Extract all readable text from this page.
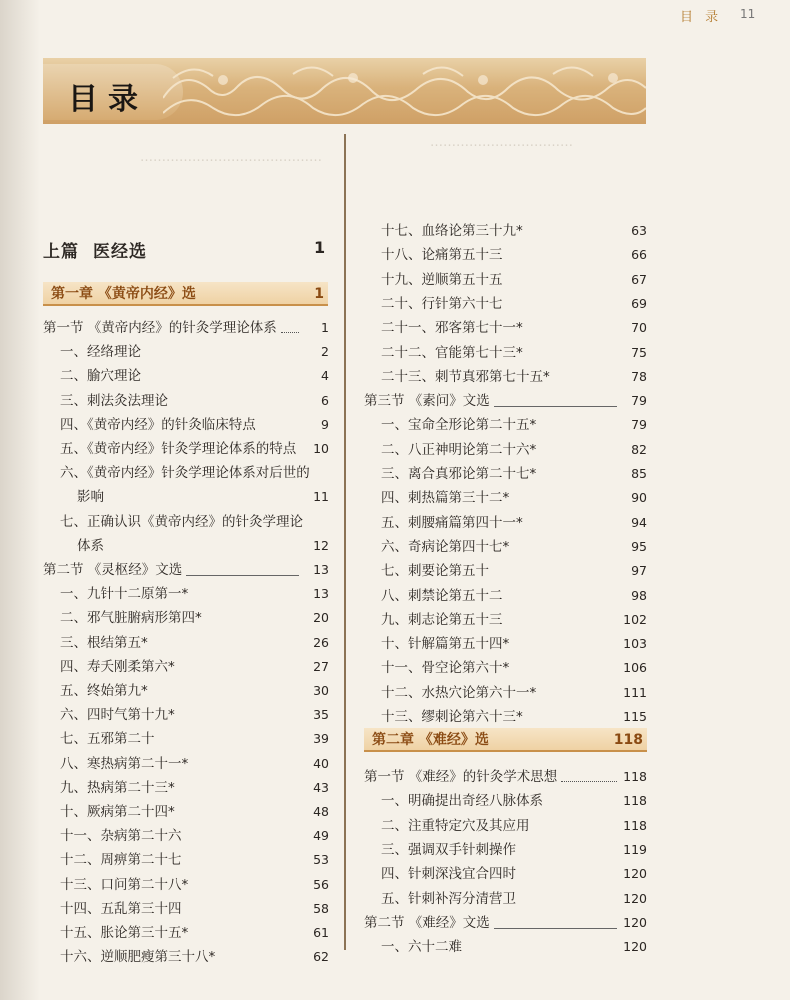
……………………………………
……………………………
目 录 11
目录
上篇 医经选	1
第一章 《黄帝内经》选	1
第一节 《黄帝内经》的针灸学理论体系	1
一、经络理论	2
二、腧穴理论	4
三、刺法灸法理论	6
四、《黄帝内经》的针灸临床特点	9
五、《黄帝内经》针灸学理论体系的特点 10
六、《黄帝内经》针灸学理论体系对后世的
影响	11
七、正确认识《黄帝内经》的针灸学理论
体系	12
第二节 《灵枢经》文选	13
一、九针十二原第一*	13
二、邪气脏腑病形第四*	20
三、根结第五*	26
四、寿夭刚柔第六*	27
五、终始第九*	30
六、四时气第十九*	35
七、五邪第二十	39
八、寒热病第二十一*	40
九、热病第二十三*	43
十、厥病第二十四*	48
十一、杂病第二十六	49
十二、周痹第二十七	53
十三、口问第二十八*	56
十四、五乱第三十四	58
十五、胀论第三十五*	61
十六、逆顺肥瘦第三十八*	62
十七、血络论第三十九*	63
十八、论痛第五十三	66
十九、逆顺第五十五	67
二十、行针第六十七	69
二十一、邪客第七十一*	70
二十二、官能第七十三*	75
二十三、刺节真邪第七十五*	78
第三节 《素问》文选	79
一、宝命全形论第二十五*	79
二、八正神明论第二十六*	82
三、离合真邪论第二十七*	85
四、刺热篇第三十二*	90
五、刺腰痛篇第四十一*	94
六、奇病论第四十七*	95
七、刺要论第五十	97
八、刺禁论第五十二	98
九、刺志论第五十三	102
十、针解篇第五十四*	103
十一、骨空论第六十*	106
十二、水热穴论第六十一*	111
十三、缪刺论第六十三*	115
第二章 《难经》选	118
第一节 《难经》的针灸学术思想	118
一、明确提出奇经八脉体系	118
二、注重特定穴及其应用	118
三、强调双手针刺操作	119
四、针刺深浅宜合四时	120
五、针刺补泻分清营卫	120
第二节 《难经》文选	120
一、六十二难	120
